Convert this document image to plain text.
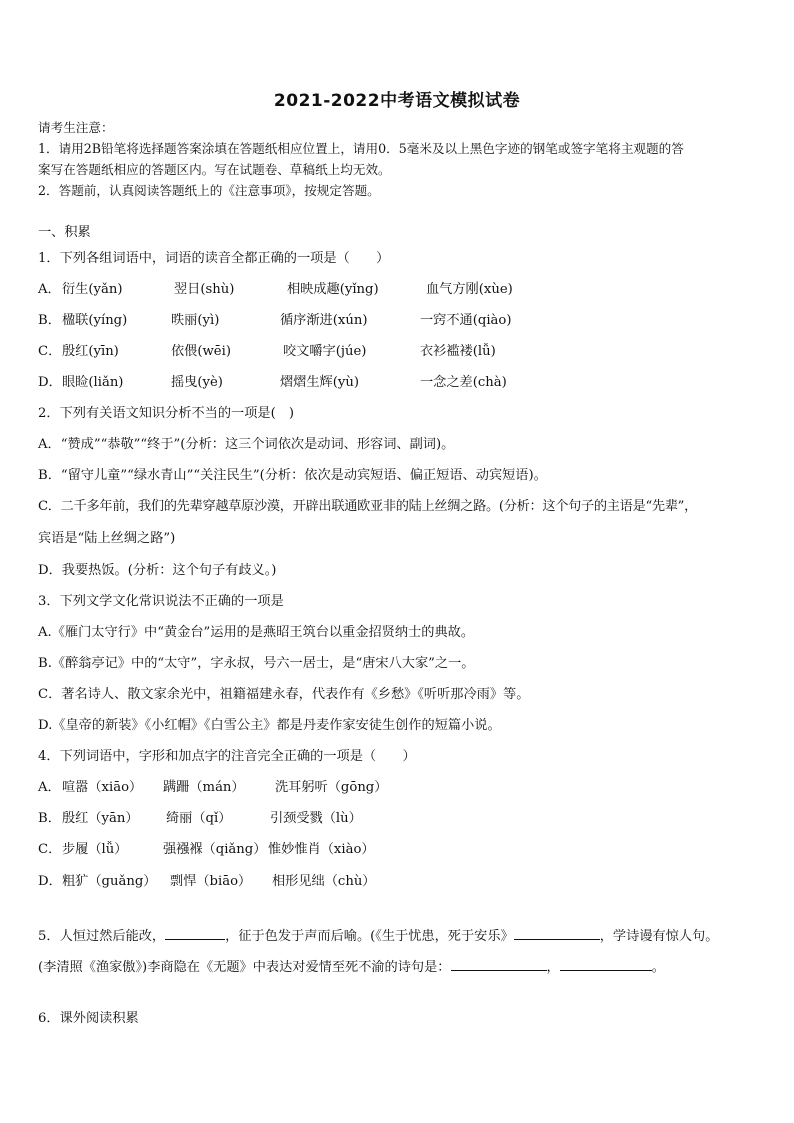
2021-2022中考语文模拟试卷
请考生注意：
1．请用2B铅笔将选择题答案涂填在答题纸相应位置上，请用0．5毫米及以上黑色字迹的钢笔或签字笔将主观题的答
案写在答题纸相应的答题区内。写在试题卷、草稿纸上均无效。
2．答题前，认真阅读答题纸上的《注意事项》，按规定答题。
一、积累
1．下列各组词语中，词语的读音全都正确的一项是（　　）
A． 衍生(yǎn)	翌日(shù)	相映成趣(yǐng)	血气方刚(xùe)
B． 楹联(yíng)	昳丽(yì)	循序渐进(xún)	一窍不通(qiào)
C． 殷红(yīn)	依偎(wēi)	咬文嚼字(júe)	衣衫褴褛(lǚ)
D． 眼睑(liǎn)	摇曳(yè)	熠熠生辉(yù)	一念之差(chà)
2．下列有关语文知识分析不当的一项是(　)
A．“赞成”“恭敬”“终于”(分析：这三个词依次是动词、形容词、副词)。
B．“留守儿童”“绿水青山”“关注民生”(分析：依次是动宾短语、偏正短语、动宾短语)。
C．二千多年前，我们的先辈穿越草原沙漠，开辟出联通欧亚非的陆上丝绸之路。(分析：这个句子的主语是“先辈”，
宾语是“陆上丝绸之路”)
D．我要热饭。(分析：这个句子有歧义。)
3．下列文学文化常识说法不正确的一项是
A.《雁门太守行》中“黄金台”运用的是燕昭王筑台以重金招贤纳士的典故。
B.《醉翁亭记》中的“太守”，字永叔，号六一居士，是“唐宋八大家”之一。
C．著名诗人、散文家余光中，祖籍福建永春，代表作有《乡愁》《听听那冷雨》等。
D.《皇帝的新装》《小红帽》《白雪公主》都是丹麦作家安徒生创作的短篇小说。
4．下列词语中，字形和加点字的注音完全正确的一项是（　　）
A． 喧嚣（xiāo） 蹒跚（mán） 洗耳躬听（gōng）
B． 殷红（yān） 绮丽（qǐ）	引颈受戮（lù）
C． 步履（lǚ）	强襁褓（qiǎng） 惟妙惟肖（xiào）
D． 粗犷（guǎng） 剽悍（biāo） 相形见绌（chù）
5．人恒过然后能改，	，征于色发于声而后喻。(《生于忧患，死于安乐》	，学诗谩有惊人句。
(李清照《渔家傲》)李商隐在《无题》中表达对爱情至死不渝的诗句是：	，	。
6．课外阅读积累
